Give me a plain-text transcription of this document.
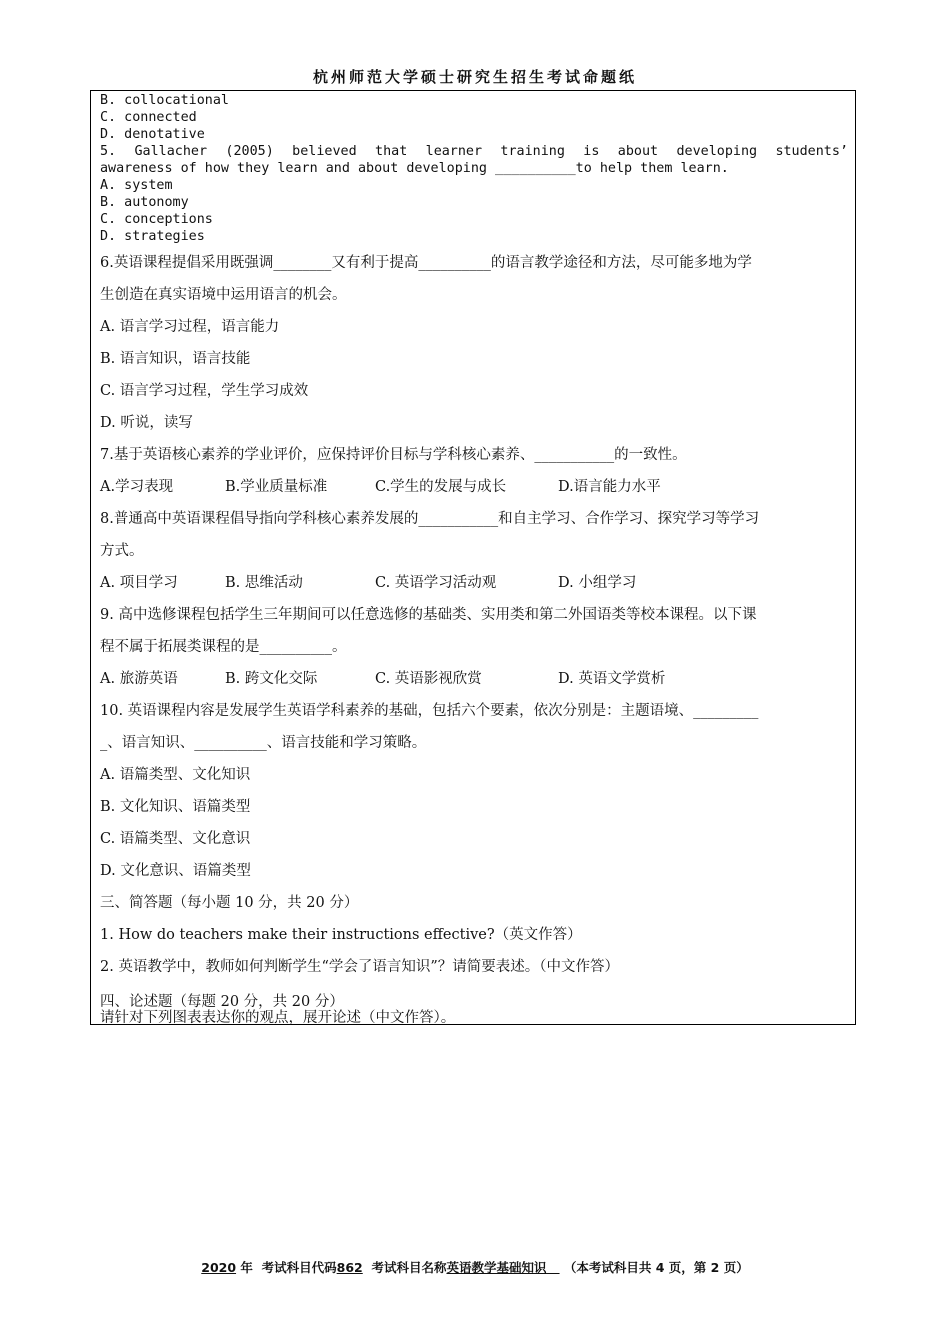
杭州师范大学硕士研究生招生考试命题纸
B. collocational
C. connected
D. denotative
5. Gallacher (2005) believed that learner training is about developing students’
awareness of how they learn and about developing __________to help them learn.
A. system
B. autonomy
C. conceptions
D. strategies
6.英语课程提倡采用既强调________又有利于提高__________的语言教学途径和方法，尽可能多地为学
生创造在真实语境中运用语言的机会。
A. 语言学习过程，语言能力
B. 语言知识，语言技能
C. 语言学习过程，学生学习成效
D. 听说，读写
7.基于英语核心素养的学业评价，应保持评价目标与学科核心素养、___________的一致性。
A.学习表现	B.学业质量标准	C.学生的发展与成长	D.语言能力水平
8.普通高中英语课程倡导指向学科核心素养发展的___________和自主学习、合作学习、探究学习等学习
方式。
A. 项目学习	B. 思维活动	C. 英语学习活动观	D. 小组学习
9. 高中选修课程包括学生三年期间可以任意选修的基础类、实用类和第二外国语类等校本课程。以下课
程不属于拓展类课程的是__________。
A. 旅游英语	B. 跨文化交际	C. 英语影视欣赏	D. 英语文学赏析
10. 英语课程内容是发展学生英语学科素养的基础，包括六个要素，依次分别是：主题语境、_________
_、语言知识、__________、语言技能和学习策略。
A. 语篇类型、文化知识
B. 文化知识、语篇类型
C. 语篇类型、文化意识
D. 文化意识、语篇类型
三、简答题（每小题 10 分，共 20 分）
1. How do teachers make their instructions effective?（英文作答）
2. 英语教学中，教师如何判断学生“学会了语言知识”？请简要表述。（中文作答）
四、论述题（每题 20 分，共 20 分）
请针对下列图表表达你的观点，展开论述（中文作答）。
2020 年  考试科目代码862 考试科目名称英语教学基础知识 （本考试科目共 4 页，第 2 页）
